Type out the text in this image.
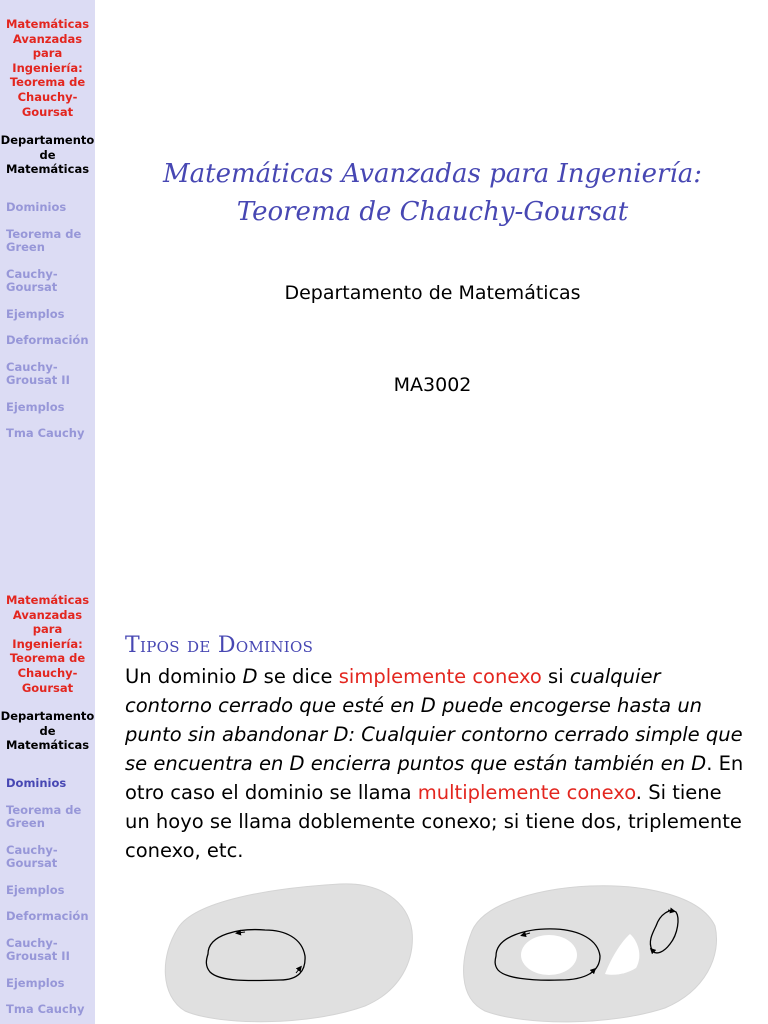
Matemáticas
Avanzadas
para
Ingeniería:
Teorema de
Chauchy-
Goursat
Departamento
de
Matemáticas
Dominios
Teorema de Green
Cauchy-Goursat
Ejemplos
Deformación
Cauchy-Grousat II
Ejemplos
Tma Cauchy
Matemáticas Avanzadas para Ingeniería:
Teorema de Chauchy-Goursat
Departamento de Matemáticas
MA3002
Matemáticas
Avanzadas
para
Ingeniería:
Teorema de
Chauchy-
Goursat
Departamento
de
Matemáticas
Dominios
Teorema de Green
Cauchy-Goursat
Ejemplos
Deformación
Cauchy-Grousat II
Ejemplos
Tma Cauchy
Tipos de Dominios

Un dominio D se dice simplemente conexo si cualquier contorno cerrado que esté en D puede encogerse hasta un punto sin abandonar D: Cualquier contorno cerrado simple que se encuentra en D encierra puntos que están también en D. En otro caso el dominio se llama multiplemente conexo. Si tiene un hoyo se llama doblemente conexo; si tiene dos, triplemente conexo, etc.
